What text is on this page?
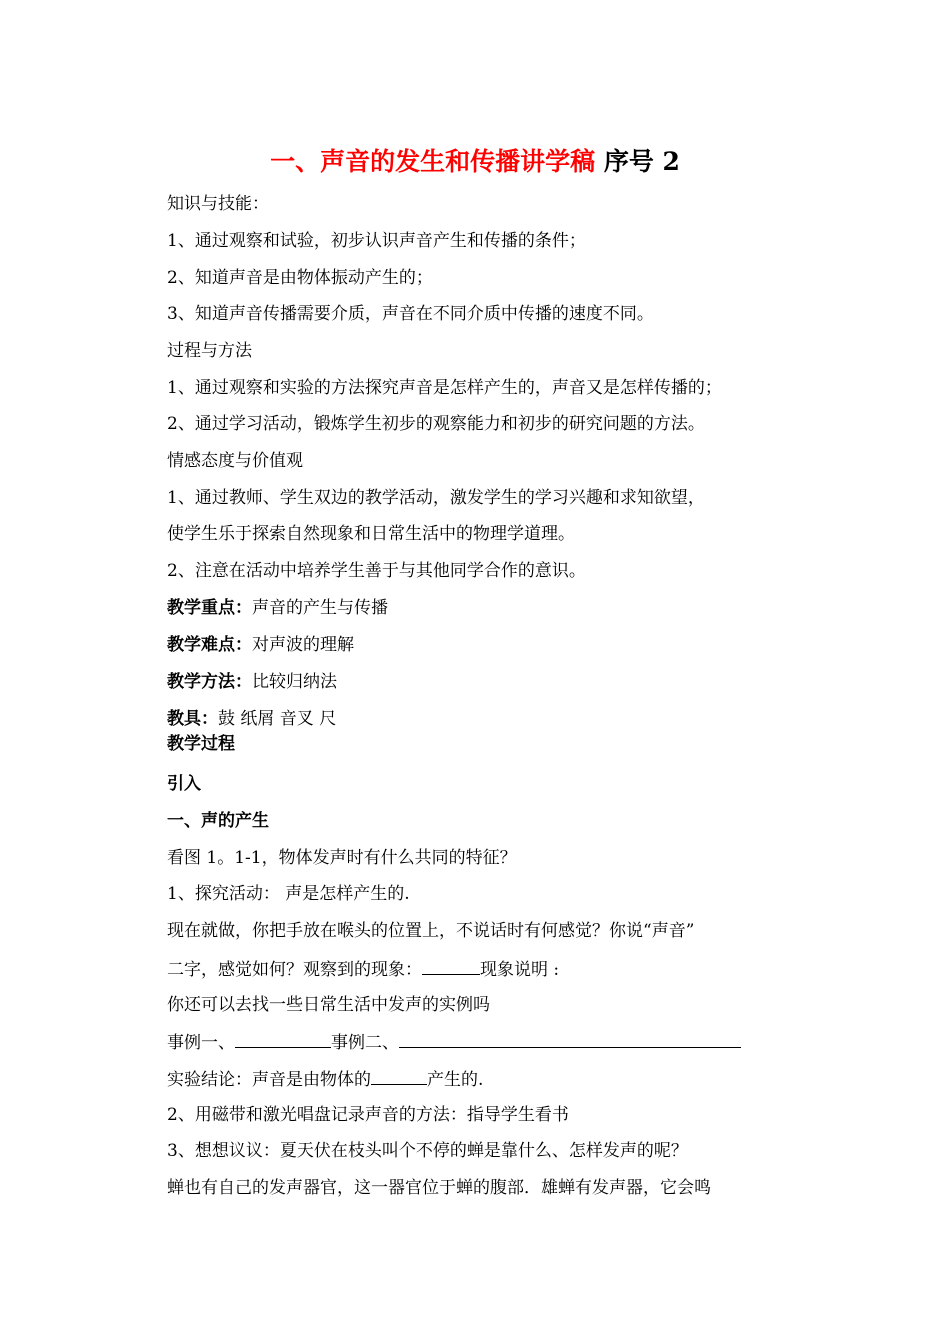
一、声音的发生和传播讲学稿 序号 2
知识与技能：
1、通过观察和试验，初步认识声音产生和传播的条件；
2、知道声音是由物体振动产生的；
3、知道声音传播需要介质，声音在不同介质中传播的速度不同。
过程与方法
1、通过观察和实验的方法探究声音是怎样产生的，声音又是怎样传播的；
2、通过学习活动，锻炼学生初步的观察能力和初步的研究问题的方法。
情感态度与价值观
1、通过教师、学生双边的教学活动，激发学生的学习兴趣和求知欲望，
使学生乐于探索自然现象和日常生活中的物理学道理。
2、注意在活动中培养学生善于与其他同学合作的意识。
教学重点：声音的产生与传播
教学难点：对声波的理解
教学方法：比较归纳法
教具：鼓 纸屑 音叉 尺
教学过程
引入
一、声的产生
看图 1。1-1，物体发声时有什么共同的特征？
1、探究活动： 声是怎样产生的.
现在就做，你把手放在喉头的位置上，不说话时有何感觉？你说“声音”
二字，感觉如何？观察到的现象：	现象说明 :
你还可以去找一些日常生活中发声的实例吗
事例一、	事例二、
实验结论：声音是由物体的	产生的.
2、用磁带和激光唱盘记录声音的方法：指导学生看书
3、想想议议：夏天伏在枝头叫个不停的蝉是靠什么、怎样发声的呢？
蝉也有自己的发声器官，这一器官位于蝉的腹部．雄蝉有发声器，它会鸣
